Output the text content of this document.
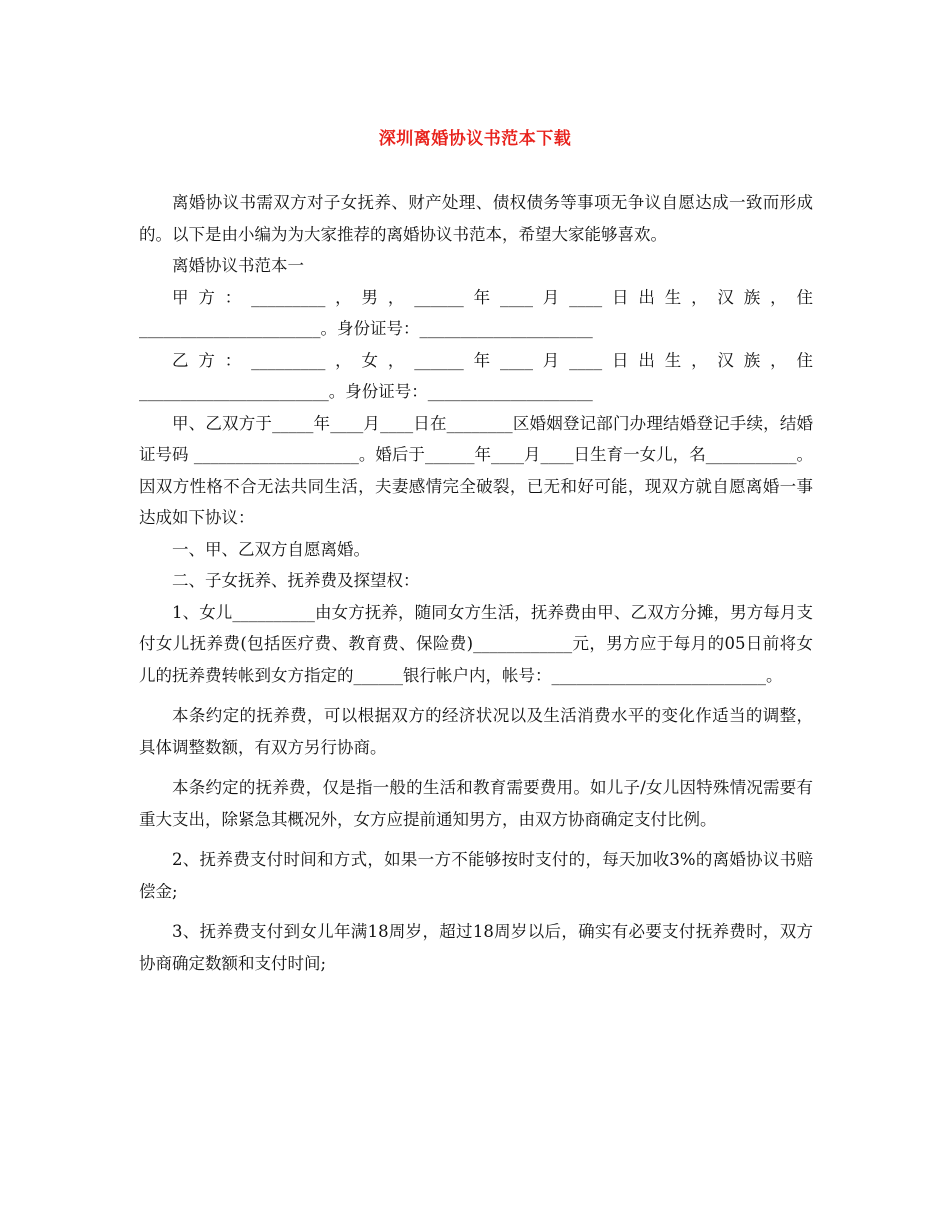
深圳离婚协议书范本下载

离婚协议书需双方对子女抚养、财产处理、债权债务等事项无争议自愿达成一致而形成的。以下是由小编为为大家推荐的离婚协议书范本，希望大家能够喜欢。

离婚协议书范本一

甲方：_________，男，______年____月____日出生，汉族，住______________________。身份证号：_____________________

乙方：_________，女，______年____月____日出生，汉族，住_______________________。身份证号：____________________

甲、乙双方于_____年____月____日在________区婚姻登记部门办理结婚登记手续，结婚证号码 ____________________。婚后于______年____月____日生育一女儿，名___________。因双方性格不合无法共同生活，夫妻感情完全破裂，已无和好可能，现双方就自愿离婚一事达成如下协议：

一、甲、乙双方自愿离婚。

二、子女抚养、抚养费及探望权：

1、女儿__________由女方抚养，随同女方生活，抚养费由甲、乙双方分摊，男方每月支付女儿抚养费(包括医疗费、教育费、保险费)____________元，男方应于每月的05日前将女儿的抚养费转帐到女方指定的______银行帐户内，帐号：__________________________。

本条约定的抚养费，可以根据双方的经济状况以及生活消费水平的变化作适当的调整，具体调整数额，有双方另行协商。

本条约定的抚养费，仅是指一般的生活和教育需要费用。如儿子/女儿因特殊情况需要有重大支出，除紧急其概况外，女方应提前通知男方，由双方协商确定支付比例。

2、抚养费支付时间和方式，如果一方不能够按时支付的，每天加收3%的离婚协议书赔偿金;

3、抚养费支付到女儿年满18周岁，超过18周岁以后，确实有必要支付抚养费时，双方协商确定数额和支付时间;
